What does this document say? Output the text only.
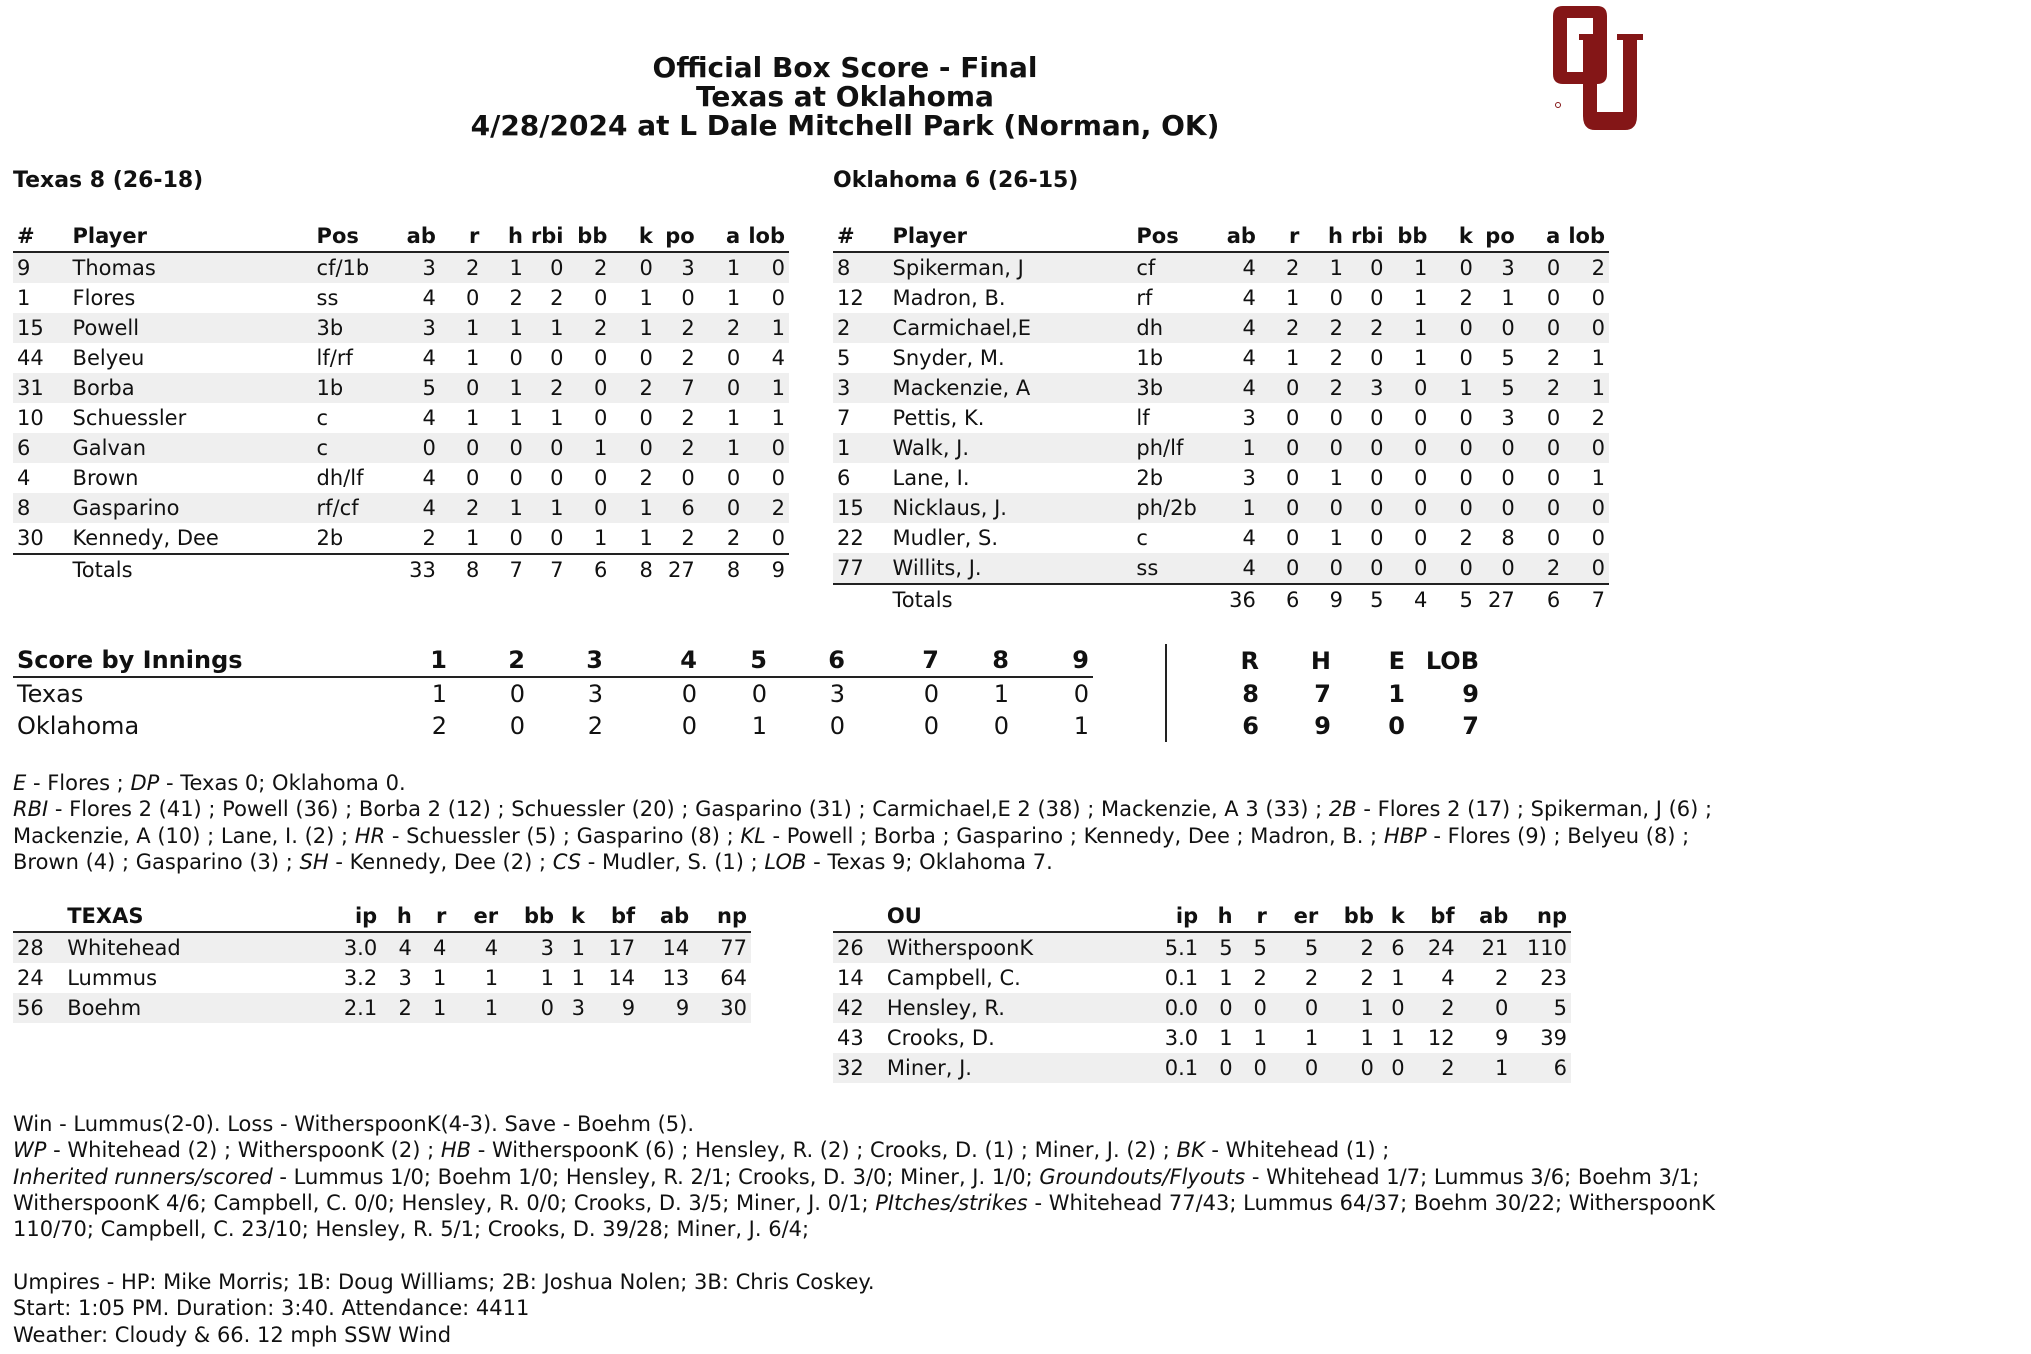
Official Box Score - Final
Texas at Oklahoma
4/28/2024 at L Dale Mitchell Park (Norman, OK)
Texas 8 (26-18)	Oklahoma 6 (26-15)
#	Player	Pos	ab	r	h	rbi	bb	k	po	a	lob
9	Thomas	cf/1b	3	2	1	0	2	0	3	1	0
1	Flores	ss	4	0	2	2	0	1	0	1	0
15	Powell	3b	3	1	1	1	2	1	2	2	1
44	Belyeu	lf/rf	4	1	0	0	0	0	2	0	4
31	Borba	1b	5	0	1	2	0	2	7	0	1
10	Schuessler	c	4	1	1	1	0	0	2	1	1
6	Galvan	c	0	0	0	0	1	0	2	1	0
4	Brown	dh/lf	4	0	0	0	0	2	0	0	0
8	Gasparino	rf/cf	4	2	1	1	0	1	6	0	2
30	Kennedy, Dee	2b	2	1	0	0	1	1	2	2	0
	Totals		33	8	7	7	6	8	27	8	9
#	Player	Pos	ab	r	h	rbi	bb	k	po	a	lob
8	Spikerman, J	cf	4	2	1	0	1	0	3	0	2
12	Madron, B.	rf	4	1	0	0	1	2	1	0	0
2	Carmichael,E	dh	4	2	2	2	1	0	0	0	0
5	Snyder, M.	1b	4	1	2	0	1	0	5	2	1
3	Mackenzie, A	3b	4	0	2	3	0	1	5	2	1
7	Pettis, K.	lf	3	0	0	0	0	0	3	0	2
1	Walk, J.	ph/lf	1	0	0	0	0	0	0	0	0
6	Lane, I.	2b	3	0	1	0	0	0	0	0	1
15	Nicklaus, J.	ph/2b	1	0	0	0	0	0	0	0	0
22	Mudler, S.	c	4	0	1	0	0	2	8	0	0
77	Willits, J.	ss	4	0	0	0	0	0	0	2	0
	Totals		36	6	9	5	4	5	27	6	7
Score by Innings	1	2	3	4	5	6	7	8	9	R	H	E	LOB
Texas	1	0	3	0	0	3	0	1	0	8	7	1	9
Oklahoma	2	0	2	0	1	0	0	0	1	6	9	0	7
E - Flores ; DP - Texas 0; Oklahoma 0.
RBI - Flores 2 (41) ; Powell (36) ; Borba 2 (12) ; Schuessler (20) ; Gasparino (31) ; Carmichael,E 2 (38) ; Mackenzie, A 3 (33) ; 2B - Flores 2 (17) ; Spikerman, J (6) ;
Mackenzie, A (10) ; Lane, I. (2) ; HR - Schuessler (5) ; Gasparino (8) ; KL - Powell ; Borba ; Gasparino ; Kennedy, Dee ; Madron, B. ; HBP - Flores (9) ; Belyeu (8) ;
Brown (4) ; Gasparino (3) ; SH - Kennedy, Dee (2) ; CS - Mudler, S. (1) ; LOB - Texas 9; Oklahoma 7.
	TEXAS	ip	h	r	er	bb	k	bf	ab	np
28	Whitehead	3.0	4	4	4	3	1	17	14	77
24	Lummus	3.2	3	1	1	1	1	14	13	64
56	Boehm	2.1	2	1	1	0	3	9	9	30
	OU	ip	h	r	er	bb	k	bf	ab	np
26	WitherspoonK	5.1	5	5	5	2	6	24	21	110
14	Campbell, C.	0.1	1	2	2	2	1	4	2	23
42	Hensley, R.	0.0	0	0	0	1	0	2	0	5
43	Crooks, D.	3.0	1	1	1	1	1	12	9	39
32	Miner, J.	0.1	0	0	0	0	0	2	1	6
Win - Lummus(2-0). Loss - WitherspoonK(4-3). Save - Boehm (5).
WP - Whitehead (2) ; WitherspoonK (2) ; HB - WitherspoonK (6) ; Hensley, R. (2) ; Crooks, D. (1) ; Miner, J. (2) ; BK - Whitehead (1) ;
Inherited runners/scored - Lummus 1/0; Boehm 1/0; Hensley, R. 2/1; Crooks, D. 3/0; Miner, J. 1/0; Groundouts/Flyouts - Whitehead 1/7; Lummus 3/6; Boehm 3/1;
WitherspoonK 4/6; Campbell, C. 0/0; Hensley, R. 0/0; Crooks, D. 3/5; Miner, J. 0/1; PItches/strikes - Whitehead 77/43; Lummus 64/37; Boehm 30/22; WitherspoonK
110/70; Campbell, C. 23/10; Hensley, R. 5/1; Crooks, D. 39/28; Miner, J. 6/4;
Umpires - HP: Mike Morris; 1B: Doug Williams; 2B: Joshua Nolen; 3B: Chris Coskey.
Start: 1:05 PM. Duration: 3:40. Attendance: 4411
Weather: Cloudy & 66. 12 mph SSW Wind
